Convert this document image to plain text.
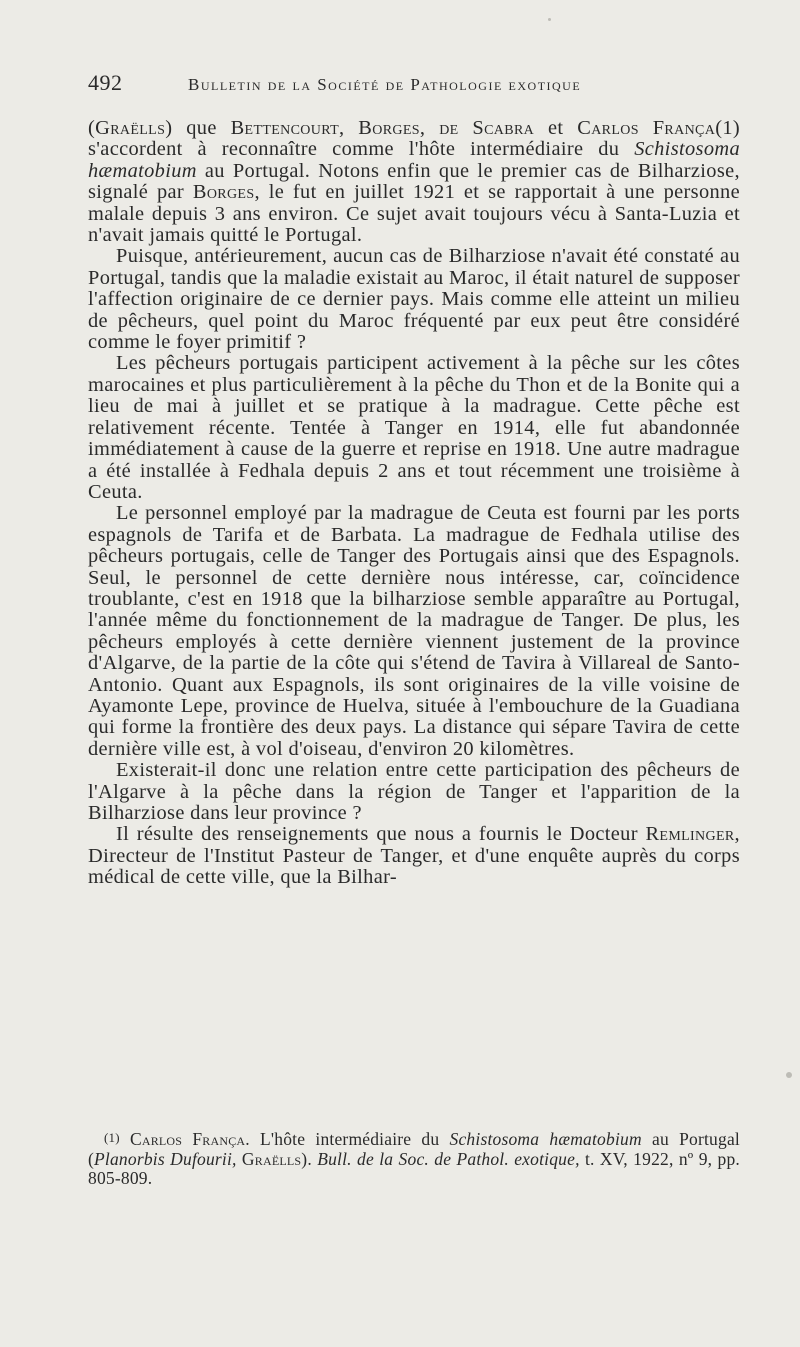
492	Bulletin de la Société de Pathologie exotique

(Graëlls) que Bettencourt, Borges, de Scabra et Carlos França(1) s'accordent à reconnaître comme l'hôte intermédiaire du Schistosoma hæmatobium au Portugal. Notons enfin que le premier cas de Bilharziose, signalé par Borges, le fut en juillet 1921 et se rapportait à une personne malale depuis 3 ans environ. Ce sujet avait toujours vécu à Santa-Luzia et n'avait jamais quitté le Portugal.

Puisque, antérieurement, aucun cas de Bilharziose n'avait été constaté au Portugal, tandis que la maladie existait au Maroc, il était naturel de supposer l'affection originaire de ce dernier pays. Mais comme elle atteint un milieu de pêcheurs, quel point du Maroc fréquenté par eux peut être considéré comme le foyer primitif ?

Les pêcheurs portugais participent activement à la pêche sur les côtes marocaines et plus particulièrement à la pêche du Thon et de la Bonite qui a lieu de mai à juillet et se pratique à la madrague. Cette pêche est relativement récente. Tentée à Tanger en 1914, elle fut abandonnée immédiatement à cause de la guerre et reprise en 1918. Une autre madrague a été installée à Fedhala depuis 2 ans et tout récemment une troisième à Ceuta.

Le personnel employé par la madrague de Ceuta est fourni par les ports espagnols de Tarifa et de Barbata. La madrague de Fedhala utilise des pêcheurs portugais, celle de Tanger des Portugais ainsi que des Espagnols. Seul, le personnel de cette dernière nous intéresse, car, coïncidence troublante, c'est en 1918 que la bilharziose semble apparaître au Portugal, l'année même du fonctionnement de la madrague de Tanger. De plus, les pêcheurs employés à cette dernière viennent justement de la province d'Algarve, de la partie de la côte qui s'étend de Tavira à Villareal de Santo-Antonio. Quant aux Espagnols, ils sont originaires de la ville voisine de Ayamonte Lepe, province de Huelva, située à l'embouchure de la Guadiana qui forme la frontière des deux pays. La distance qui sépare Tavira de cette dernière ville est, à vol d'oiseau, d'environ 20 kilomètres.

Existerait-il donc une relation entre cette participation des pêcheurs de l'Algarve à la pêche dans la région de Tanger et l'apparition de la Bilharziose dans leur province ?

Il résulte des renseignements que nous a fournis le Docteur Remlinger, Directeur de l'Institut Pasteur de Tanger, et d'une enquête auprès du corps médical de cette ville, que la Bilhar-

(1) Carlos França. L'hôte intermédiaire du Schistosoma hæmatobium au Portugal (Planorbis Dufourii, Graëlls). Bull. de la Soc. de Pathol. exotique, t. XV, 1922, nº 9, pp. 805-809.
